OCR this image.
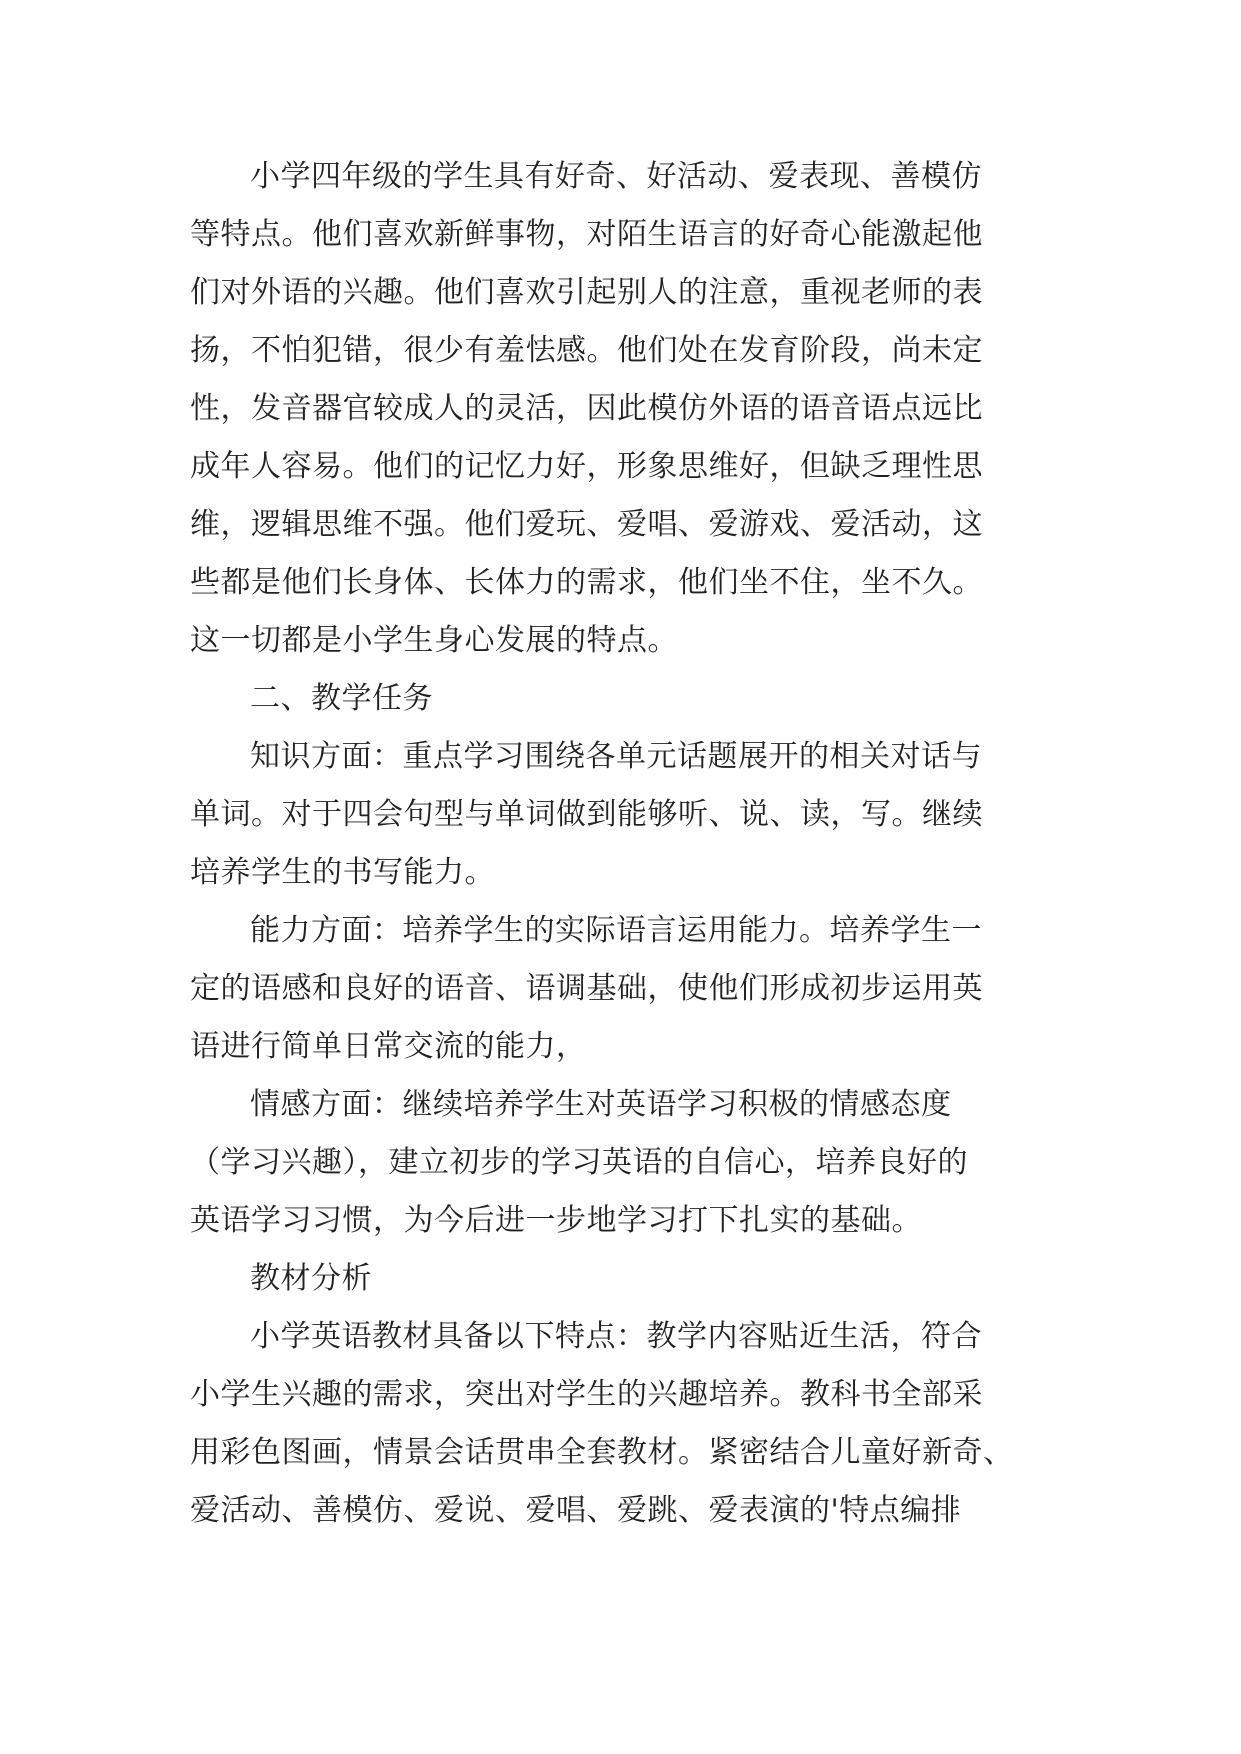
小学四年级的学生具有好奇、好活动、爱表现、善模仿
等特点。他们喜欢新鲜事物，对陌生语言的好奇心能激起他
们对外语的兴趣。他们喜欢引起别人的注意，重视老师的表
扬，不怕犯错，很少有羞怯感。他们处在发育阶段，尚未定
性，发音器官较成人的灵活，因此模仿外语的语音语点远比
成年人容易。他们的记忆力好，形象思维好，但缺乏理性思
维，逻辑思维不强。他们爱玩、爱唱、爱游戏、爱活动，这
些都是他们长身体、长体力的需求，他们坐不住，坐不久。
这一切都是小学生身心发展的特点。
二、教学任务
知识方面：重点学习围绕各单元话题展开的相关对话与
单词。对于四会句型与单词做到能够听、说、读，写。继续
培养学生的书写能力。
能力方面：培养学生的实际语言运用能力。培养学生一
定的语感和良好的语音、语调基础，使他们形成初步运用英
语进行简单日常交流的能力，
情感方面：继续培养学生对英语学习积极的情感态度
（学习兴趣），建立初步的学习英语的自信心，培养良好的
英语学习习惯，为今后进一步地学习打下扎实的基础。
教材分析
小学英语教材具备以下特点：教学内容贴近生活，符合
小学生兴趣的需求，突出对学生的兴趣培养。教科书全部采
用彩色图画，情景会话贯串全套教材。紧密结合儿童好新奇、
爱活动、善模仿、爱说、爱唱、爱跳、爱表演的'特点编排
